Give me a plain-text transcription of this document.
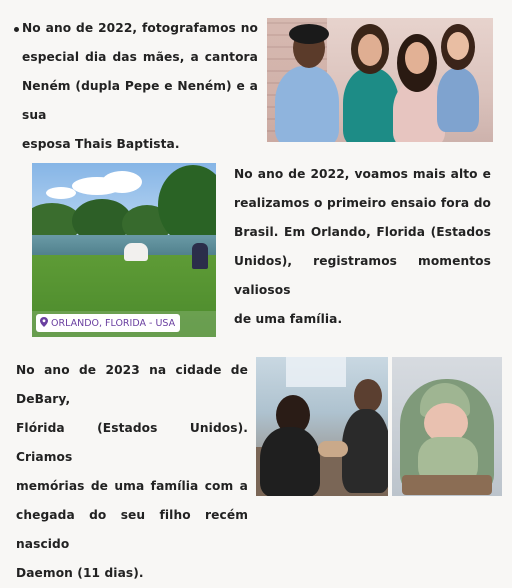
No ano de 2022, fotografamos no

especial dia das mães, a cantora

Neném (dupla Pepe e Neném) e a sua

esposa Thais Baptista.

No ano de 2022, voamos mais alto e

realizamos o primeiro ensaio fora do

Brasil. Em Orlando, Florida (Estados

Unidos), registramos momentos valiosos

de uma família.

ORLANDO, FLORIDA - USA

No ano de 2023 na cidade de DeBary,

Flórida (Estados Unidos). Criamos

memórias de uma família com a

chegada do seu filho recém nascido

Daemon (11 dias).
